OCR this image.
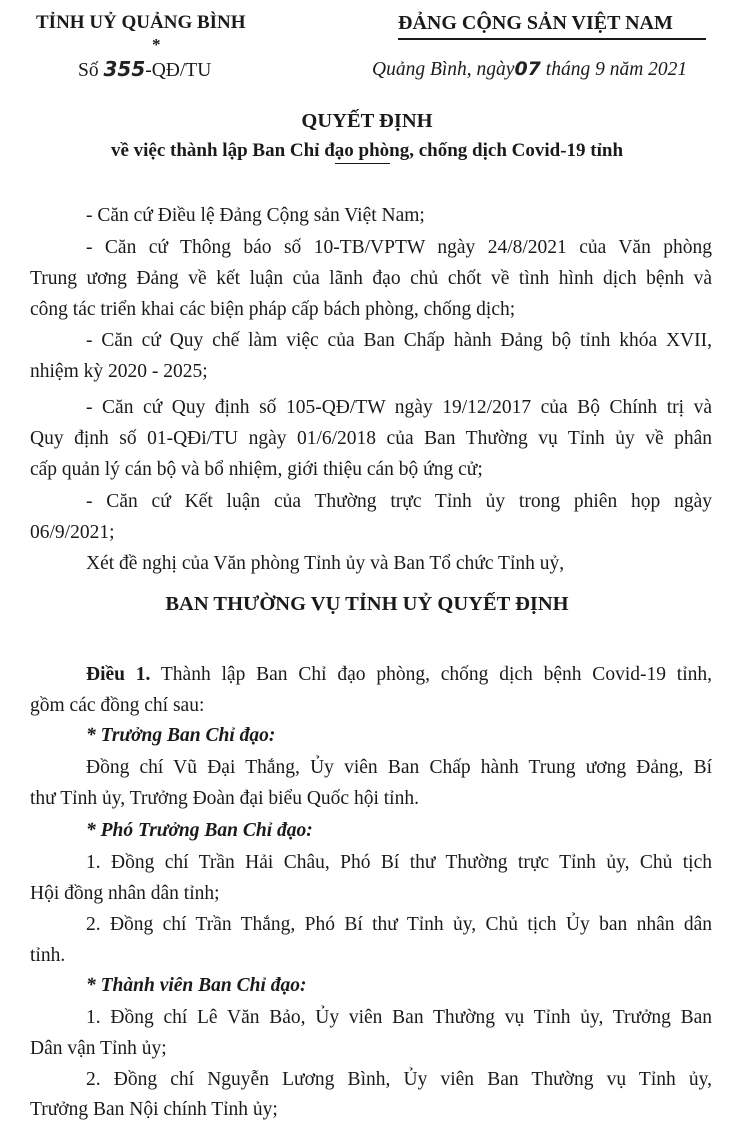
TỈNH UỶ QUẢNG BÌNH
*
Số 355-QĐ/TU
ĐẢNG CỘNG SẢN VIỆT NAM
Quảng Bình, ngày07 tháng 9 năm 2021
QUYẾT ĐỊNH
về việc thành lập Ban Chỉ đạo phòng, chống dịch Covid-19 tỉnh
- Căn cứ Điều lệ Đảng Cộng sản Việt Nam;
- Căn cứ Thông báo số 10-TB/VPTW ngày 24/8/2021 của Văn phòng
Trung ương Đảng về kết luận của lãnh đạo chủ chốt về tình hình dịch bệnh và
công tác triển khai các biện pháp cấp bách phòng, chống dịch;
- Căn cứ Quy chế làm việc của Ban Chấp hành Đảng bộ tỉnh khóa XVII,
nhiệm kỳ 2020 - 2025;
- Căn cứ Quy định số 105-QĐ/TW ngày 19/12/2017 của Bộ Chính trị và
Quy định số 01-QĐi/TU ngày 01/6/2018 của Ban Thường vụ Tỉnh ủy về phân
cấp quản lý cán bộ và bổ nhiệm, giới thiệu cán bộ ứng cử;
- Căn cứ Kết luận của Thường trực Tỉnh ủy trong phiên họp ngày
06/9/2021;
Xét đề nghị của Văn phòng Tỉnh ủy và Ban Tổ chức Tỉnh uỷ,
BAN THƯỜNG VỤ TỈNH UỶ QUYẾT ĐỊNH
Điều 1. Thành lập Ban Chỉ đạo phòng, chống dịch bệnh Covid-19 tỉnh,
gồm các đồng chí sau:
* Trưởng Ban Chỉ đạo:
Đồng chí Vũ Đại Thắng, Ủy viên Ban Chấp hành Trung ương Đảng, Bí
thư Tỉnh ủy, Trưởng Đoàn đại biểu Quốc hội tỉnh.
* Phó Trưởng Ban Chỉ đạo:
1. Đồng chí Trần Hải Châu, Phó Bí thư Thường trực Tỉnh ủy, Chủ tịch
Hội đồng nhân dân tỉnh;
2. Đồng chí Trần Thắng, Phó Bí thư Tỉnh ủy, Chủ tịch Ủy ban nhân dân
tỉnh.
* Thành viên Ban Chỉ đạo:
1. Đồng chí Lê Văn Bảo, Ủy viên Ban Thường vụ Tỉnh ủy, Trưởng Ban
Dân vận Tỉnh ủy;
2. Đồng chí Nguyễn Lương Bình, Ủy viên Ban Thường vụ Tỉnh ủy,
Trưởng Ban Nội chính Tỉnh ủy;
